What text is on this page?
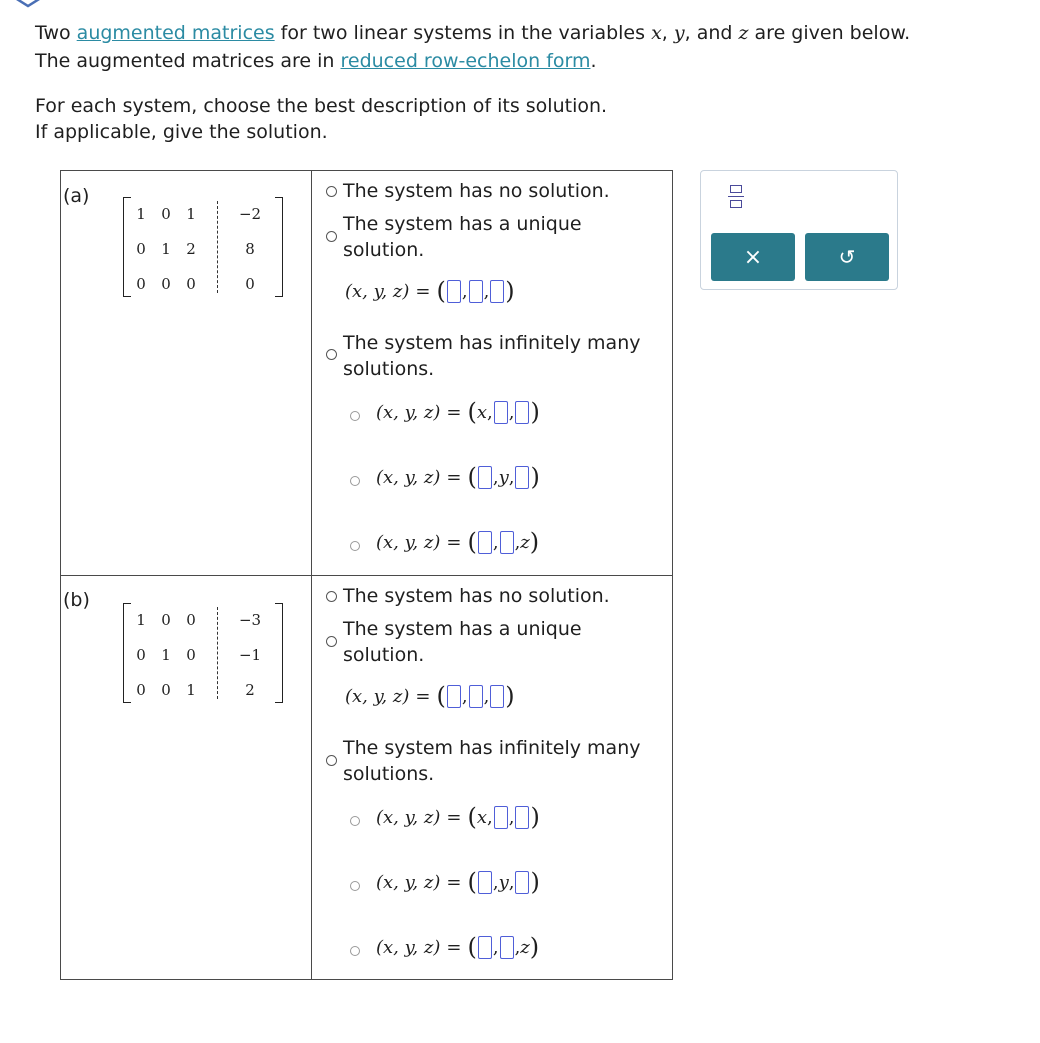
Two augmented matrices for two linear systems in the variables x, y, and z are given below.
The augmented matrices are in reduced row-echelon form.
For each system, choose the best description of its solution.
If applicable, give the solution.
(a)
1	0	1	−2
0	1	2	8
0	0	0	0
The system has no solution.
The system has a unique
solution.
(x, y, z) = ( , , )
The system has infinitely many
solutions.
(x, y, z) = ( x , , )
(x, y, z) = ( , y , )
(x, y, z) = ( , , z )
(b)
1	0	0	−3
0	1	0	−1
0	0	1	2
The system has no solution.
The system has a unique
solution.
(x, y, z) = ( , , )
The system has infinitely many
solutions.
(x, y, z) = ( x , , )
(x, y, z) = ( , y , )
(x, y, z) = ( , , z )
×	↺
